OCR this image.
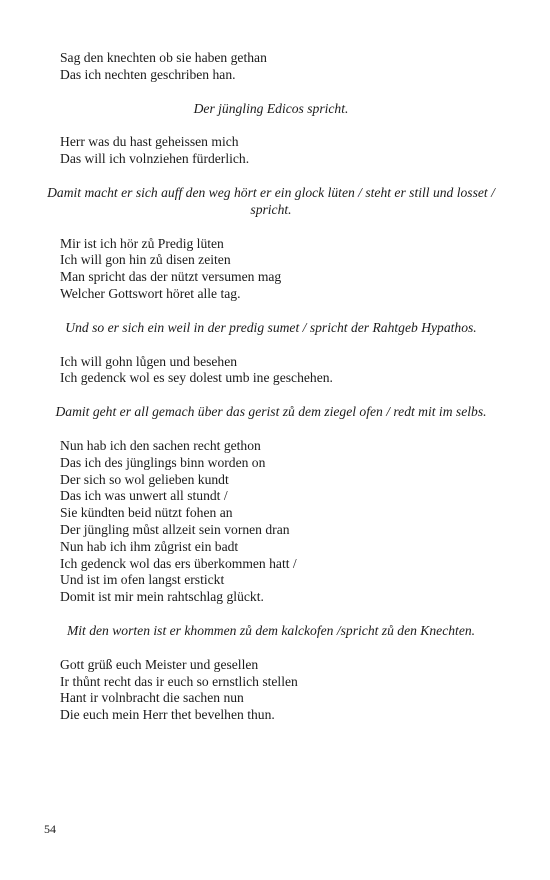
Sag den knechten ob sie haben gethan
Das ich nechten geschriben han.

Der jüngling Edicos spricht.

Herr was du hast geheissen mich
Das will ich volnziehen fürderlich.

Damit macht er sich auff den weg hört er ein glock lüten / steht er still und losset / spricht.

Mir ist ich hör zů Predig lüten
Ich will gon hin zů disen zeiten
Man spricht das der nützt versumen mag
Welcher Gottswort höret alle tag.

Und so er sich ein weil in der predig sumet / spricht der Rahtgeb Hypathos.

Ich will gohn lůgen und besehen
Ich gedenck wol es sey dolest umb ine geschehen.

Damit geht er all gemach über das gerist zů dem ziegel ofen / redt mit im selbs.

Nun hab ich den sachen recht gethon
Das ich des jünglings binn worden on
Der sich so wol gelieben kundt
Das ich was unwert all stundt /
Sie kündten beid nützt fohen an
Der jüngling můst allzeit sein vornen dran
Nun hab ich ihm zůgrist ein badt
Ich gedenck wol das ers überkommen hatt /
Und ist im ofen langst erstickt
Domit ist mir mein rahtschlag glückt.

Mit den worten ist er khommen zů dem kalckofen /spricht zů den Knechten.

Gott grüß euch Meister und gesellen
Ir thůnt recht das ir euch so ernstlich stellen
Hant ir volnbracht die sachen nun
Die euch mein Herr thet bevelhen thun.
54
